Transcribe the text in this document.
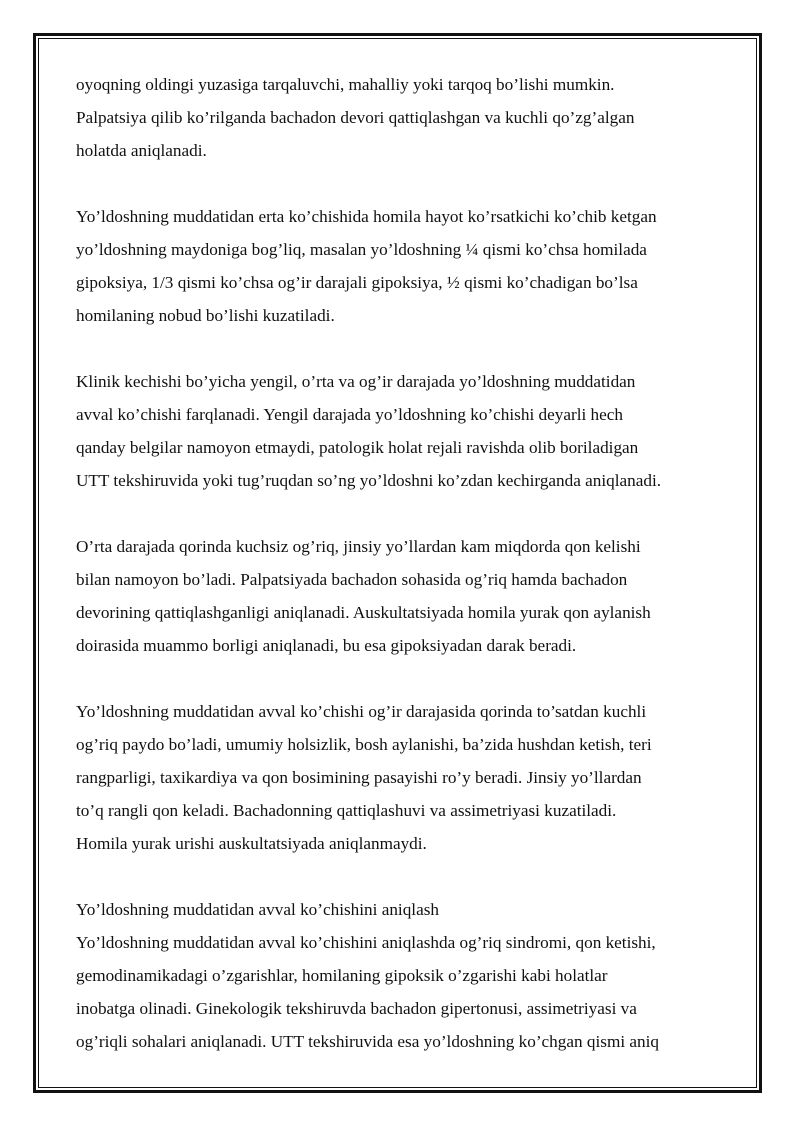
oyoqning oldingi yuzasiga tarqaluvchi, mahalliy yoki tarqoq bo’lishi mumkin.
Palpatsiya qilib ko’rilganda bachadon devori qattiqlashgan va kuchli qo’zg’algan
holatda aniqlanadi.

Yo’ldoshning muddatidan erta ko’chishida homila hayot ko’rsatkichi ko’chib ketgan
yo’ldoshning maydoniga bog’liq, masalan yo’ldoshning ¼ qismi ko’chsa homilada
gipoksiya, 1/3 qismi ko’chsa og’ir darajali gipoksiya, ½ qismi ko’chadigan bo’lsa
homilaning nobud bo’lishi kuzatiladi.

Klinik kechishi bo’yicha yengil, o’rta va og’ir darajada yo’ldoshning muddatidan
avval ko’chishi farqlanadi. Yengil darajada yo’ldoshning ko’chishi deyarli hech
qanday belgilar namoyon etmaydi, patologik holat rejali ravishda olib boriladigan
UTT tekshiruvida yoki tug’ruqdan so’ng yo’ldoshni ko’zdan kechirganda aniqlanadi.

O’rta darajada qorinda kuchsiz og’riq, jinsiy yo’llardan kam miqdorda qon kelishi
bilan namoyon bo’ladi. Palpatsiyada bachadon sohasida og’riq hamda bachadon
devorining qattiqlashganligi aniqlanadi. Auskultatsiyada homila yurak qon aylanish
doirasida muammo borligi aniqlanadi, bu esa gipoksiyadan darak beradi.

Yo’ldoshning muddatidan avval ko’chishi og’ir darajasida qorinda to’satdan kuchli
og’riq paydo bo’ladi, umumiy holsizlik, bosh aylanishi, ba’zida hushdan ketish, teri
rangparligi, taxikardiya va qon bosimining pasayishi ro’y beradi. Jinsiy yo’llardan
to’q rangli qon keladi. Bachadonning qattiqlashuvi va assimetriyasi kuzatiladi.
Homila yurak urishi auskultatsiyada aniqlanmaydi.

Yo’ldoshning muddatidan avval ko’chishini aniqlash
Yo’ldoshning muddatidan avval ko’chishini aniqlashda og’riq sindromi, qon ketishi,
gemodinamikadagi o’zgarishlar, homilaning gipoksik o’zgarishi kabi holatlar
inobatga olinadi. Ginekologik tekshiruvda bachadon gipertonusi, assimetriyasi va
og’riqli sohalari aniqlanadi. UTT tekshiruvida esa yo’ldoshning ko’chgan qismi aniq
